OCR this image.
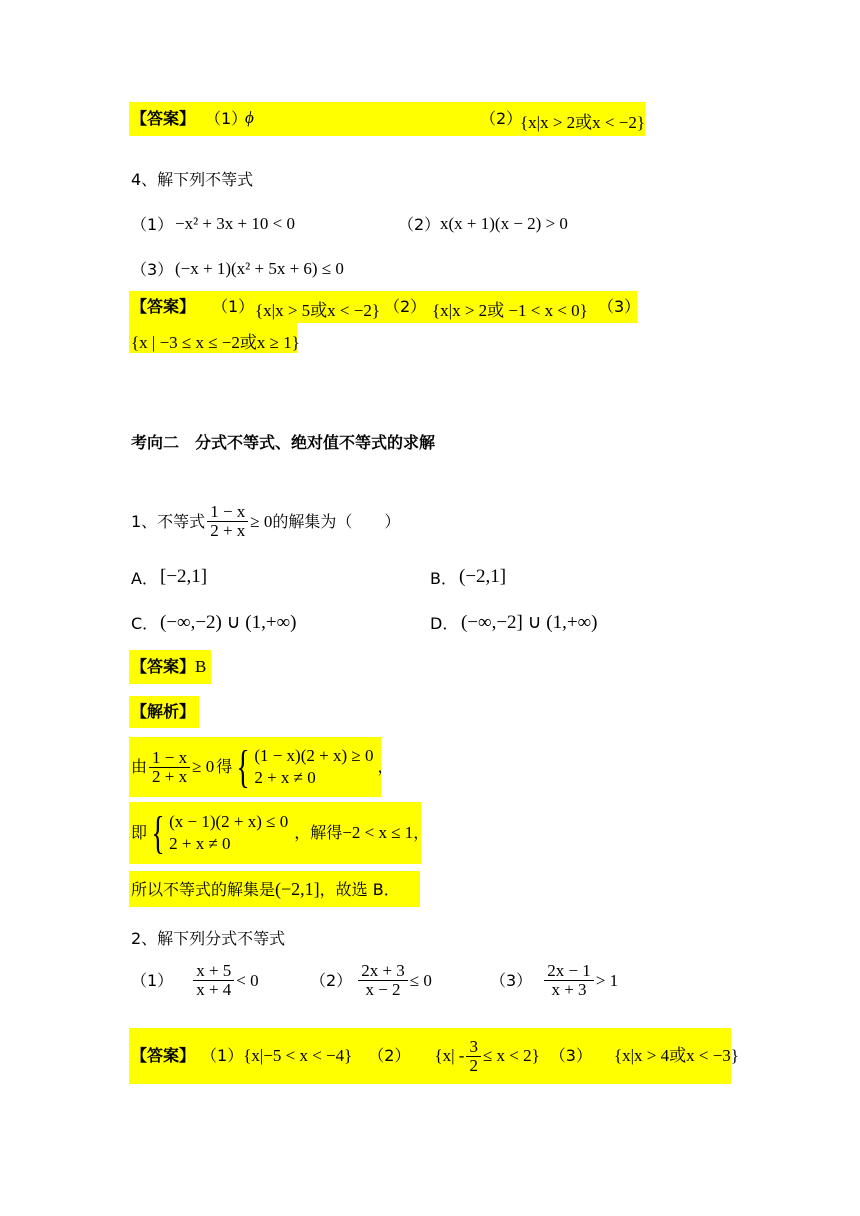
【答案】 （1）
ϕ	（2）
{x|x > 2或x < −2}
4、解下列不等式
（1） −x² + 3x + 10 < 0	（2） x(x + 1)(x − 2) > 0
（3） (−x + 1)(x² + 5x + 6) ≤ 0
【答案】 （1） {x|x > 5或x < −2} （2） {x|x > 2或 −1 < x < 0} （3）
{x | −3 ≤ x ≤ −2或x ≥ 1}
考向二　分式不等式、绝对值不等式的求解
1、不等式 $\frac{1 - x}{2 + x} \ge 0$ 的解集为（　　）
A． [−2,1]	B． (−2,1]
C． (−∞,−2) ∪ (1,+∞)	D． (−∞,−2] ∪ (1,+∞)
【答案】B
【解析】
由 $\frac{1 - x}{2 + x} \ge 0$ 得 { (1 − x)(2 + x) ≥ 0
2 + x ≠ 0
，
即 { (x − 1)(2 + x) ≤ 0
2 + x ≠ 0
，解得 −2 < x ≤ 1 ，
所以不等式的解集是(−2,1]，故选 B．
2、解下列分式不等式
$(1) \frac{x + 5}{x + 4} < 0$	$(2) \frac{2x + 3}{x - 2} \le 0$	$(3) \frac{2x - 1}{x + 3} > 1$
【答案】 （1） {x|−5 < x < −4} （2） $\{x| - \frac{3}{2} \le x < 2\}$ （3） {x|x > 4或x < −3}
